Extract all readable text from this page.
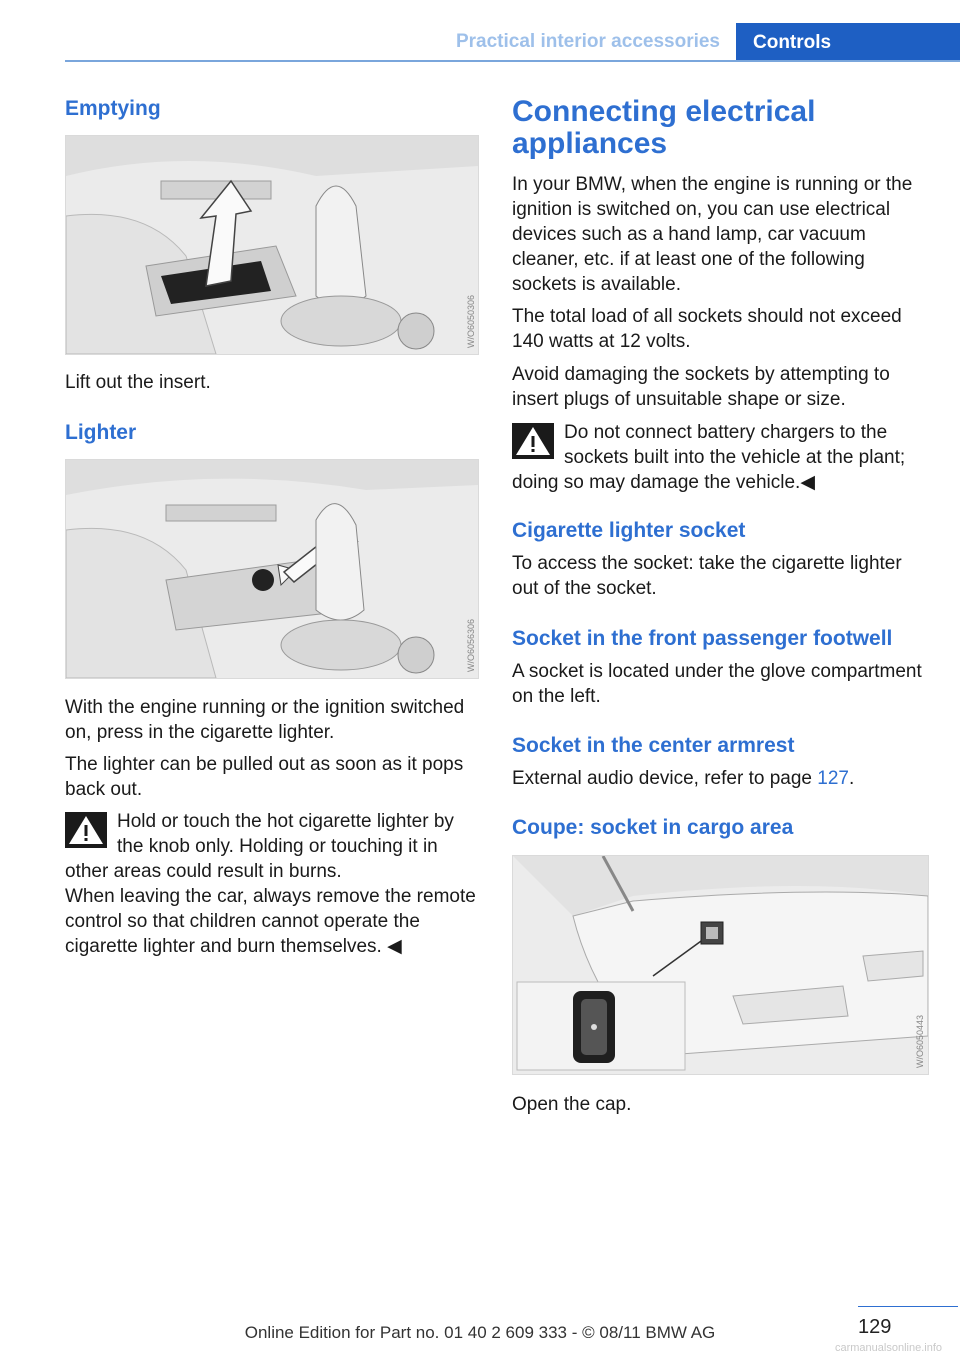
Practical interior accessories	Controls
Emptying
W/O6050306
Lift out the insert.
Lighter
W/O6056306
With the engine running or the ignition switched on, press in the cigarette lighter.
The lighter can be pulled out as soon as it pops back out.
Hold or touch the hot cigarette lighter by
the knob only. Holding or touching it in
other areas could result in burns.
When leaving the car, always remove the remote control so that children cannot operate the cigarette lighter and burn themselves. ◀
Connecting electrical appliances
In your BMW, when the engine is running or the ignition is switched on, you can use electrical devices such as a hand lamp, car vacuum cleaner, etc. if at least one of the following sockets is available.
The total load of all sockets should not exceed 140 watts at 12 volts.
Avoid damaging the sockets by attempting to insert plugs of unsuitable shape or size.
Do not connect battery chargers to the
sockets built into the vehicle at the plant;
doing so may damage the vehicle.◀
Cigarette lighter socket
To access the socket: take the cigarette lighter out of the socket.
Socket in the front passenger footwell
A socket is located under the glove compartment on the left.
Socket in the center armrest
External audio device, refer to page 127.
Coupe: socket in cargo area
W/O6050443
Open the cap.
129
Online Edition for Part no. 01 40 2 609 333 - © 08/11 BMW AG
carmanualsonline.info
